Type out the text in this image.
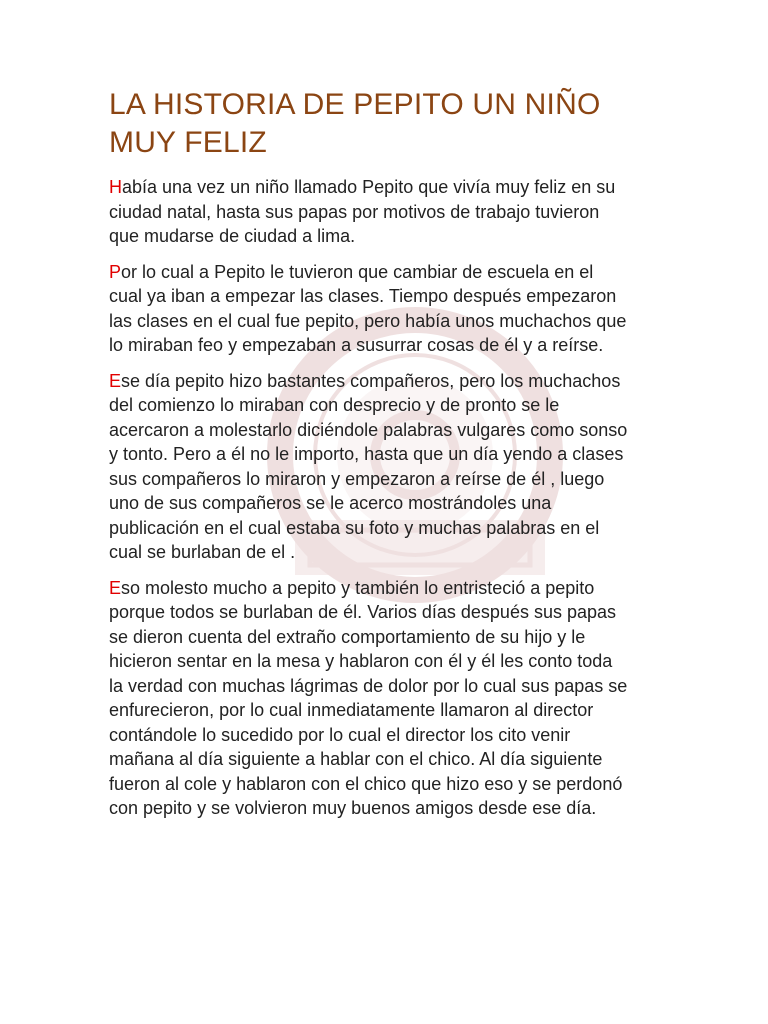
LA HISTORIA DE PEPITO UN NIÑO MUY FELIZ

Había una vez un niño llamado Pepito que vivía muy feliz en su ciudad natal, hasta sus papas por motivos de trabajo tuvieron que mudarse de ciudad a lima.

Por lo cual a Pepito le tuvieron que cambiar de escuela en el cual ya iban a empezar las clases. Tiempo después empezaron las clases en el cual fue pepito, pero había unos muchachos que lo miraban feo y empezaban a susurrar cosas de él y a reírse.

Ese día pepito hizo bastantes compañeros, pero los muchachos del comienzo lo miraban con desprecio y de pronto se le acercaron a molestarlo diciéndole palabras vulgares como sonso y tonto. Pero a él no le importo, hasta que un día yendo a clases sus compañeros lo miraron y empezaron a reírse de él , luego uno de sus compañeros se le acerco mostrándoles una publicación en el cual estaba su foto y muchas palabras en el cual se burlaban de el .

Eso molesto mucho a pepito y también lo entristeció a pepito porque todos se burlaban de él. Varios días después sus papas se dieron cuenta del extraño comportamiento de su hijo y le hicieron sentar en la mesa y hablaron con él y él les conto toda la verdad con muchas lágrimas de dolor por lo cual sus papas se enfurecieron, por lo cual inmediatamente llamaron al director contándole lo sucedido por lo cual el director los cito venir mañana al día siguiente a hablar con el chico. Al día siguiente fueron al cole y hablaron con el chico que hizo eso y se perdonó con pepito y se volvieron muy buenos amigos desde ese día.
